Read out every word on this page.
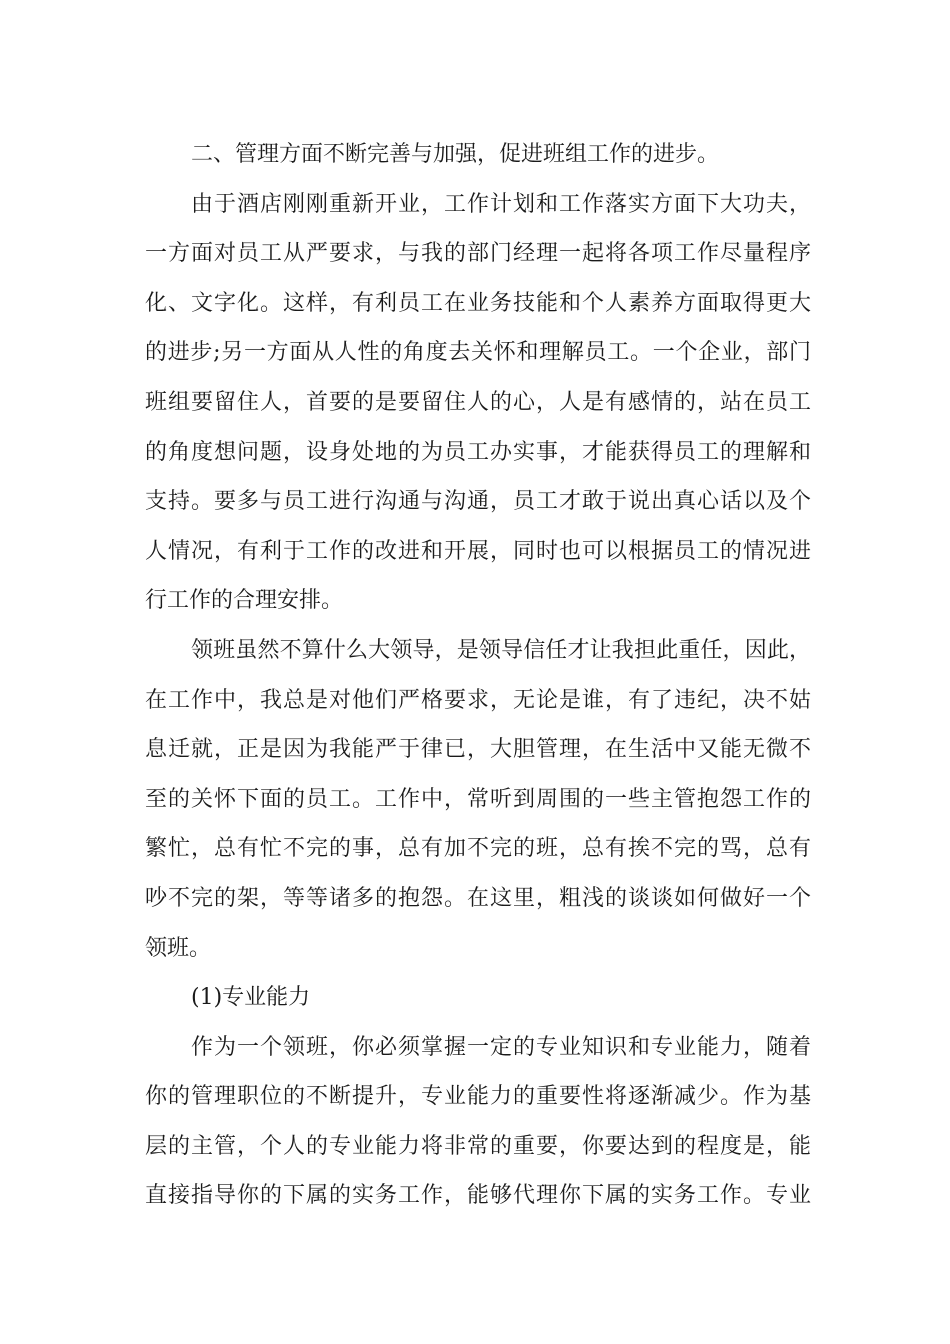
二、管理方面不断完善与加强，促进班组工作的进步。
由于酒店刚刚重新开业，工作计划和工作落实方面下大功夫，
一方面对员工从严要求，与我的部门经理一起将各项工作尽量程序
化、文字化。这样，有利员工在业务技能和个人素养方面取得更大
的进步;另一方面从人性的角度去关怀和理解员工。一个企业，部门
班组要留住人，首要的是要留住人的心，人是有感情的，站在员工
的角度想问题，设身处地的为员工办实事，才能获得员工的理解和
支持。要多与员工进行沟通与沟通，员工才敢于说出真心话以及个
人情况，有利于工作的改进和开展，同时也可以根据员工的情况进
行工作的合理安排。
领班虽然不算什么大领导，是领导信任才让我担此重任，因此，
在工作中，我总是对他们严格要求，无论是谁，有了违纪，决不姑
息迁就，正是因为我能严于律已，大胆管理，在生活中又能无微不
至的关怀下面的员工。工作中，常听到周围的一些主管抱怨工作的
繁忙，总有忙不完的事，总有加不完的班，总有挨不完的骂，总有
吵不完的架，等等诸多的抱怨。在这里，粗浅的谈谈如何做好一个
领班。
(1)专业能力
作为一个领班，你必须掌握一定的专业知识和专业能力，随着
你的管理职位的不断提升，专业能力的重要性将逐渐减少。作为基
层的主管，个人的专业能力将非常的重要，你要达到的程度是，能
直接指导你的下属的实务工作，能够代理你下属的实务工作。专业
